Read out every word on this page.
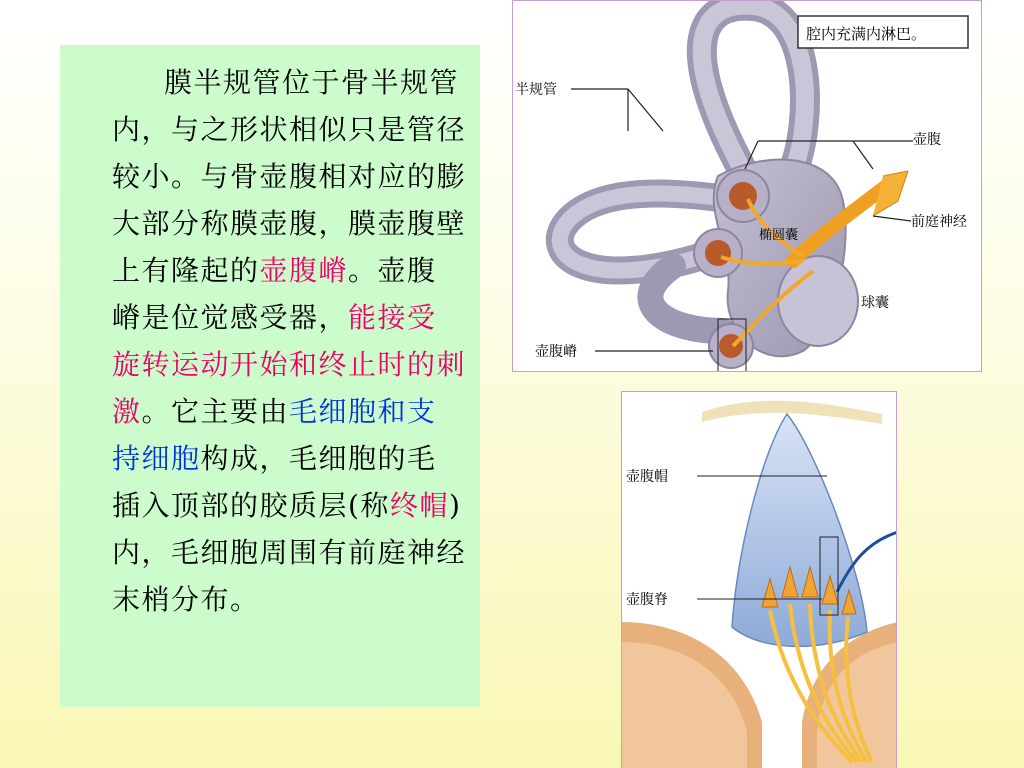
膜半规管位于骨半规管内，与之形状相似只是管径较小。与骨壶腹相对应的膨大部分称膜壶腹，膜壶腹壁上有隆起的壶腹嵴。壶腹嵴是位觉感受器，能接受旋转运动开始和终止时的刺激。它主要由毛细胞和支持细胞构成，毛细胞的毛插入顶部的胶质层(称终帽)内，毛细胞周围有前庭神经末梢分布。
腔内充满内淋巴。
半规管
壶腹
前庭神经
椭圆囊
球囊
壶腹嵴
壶腹帽
壶腹脊
